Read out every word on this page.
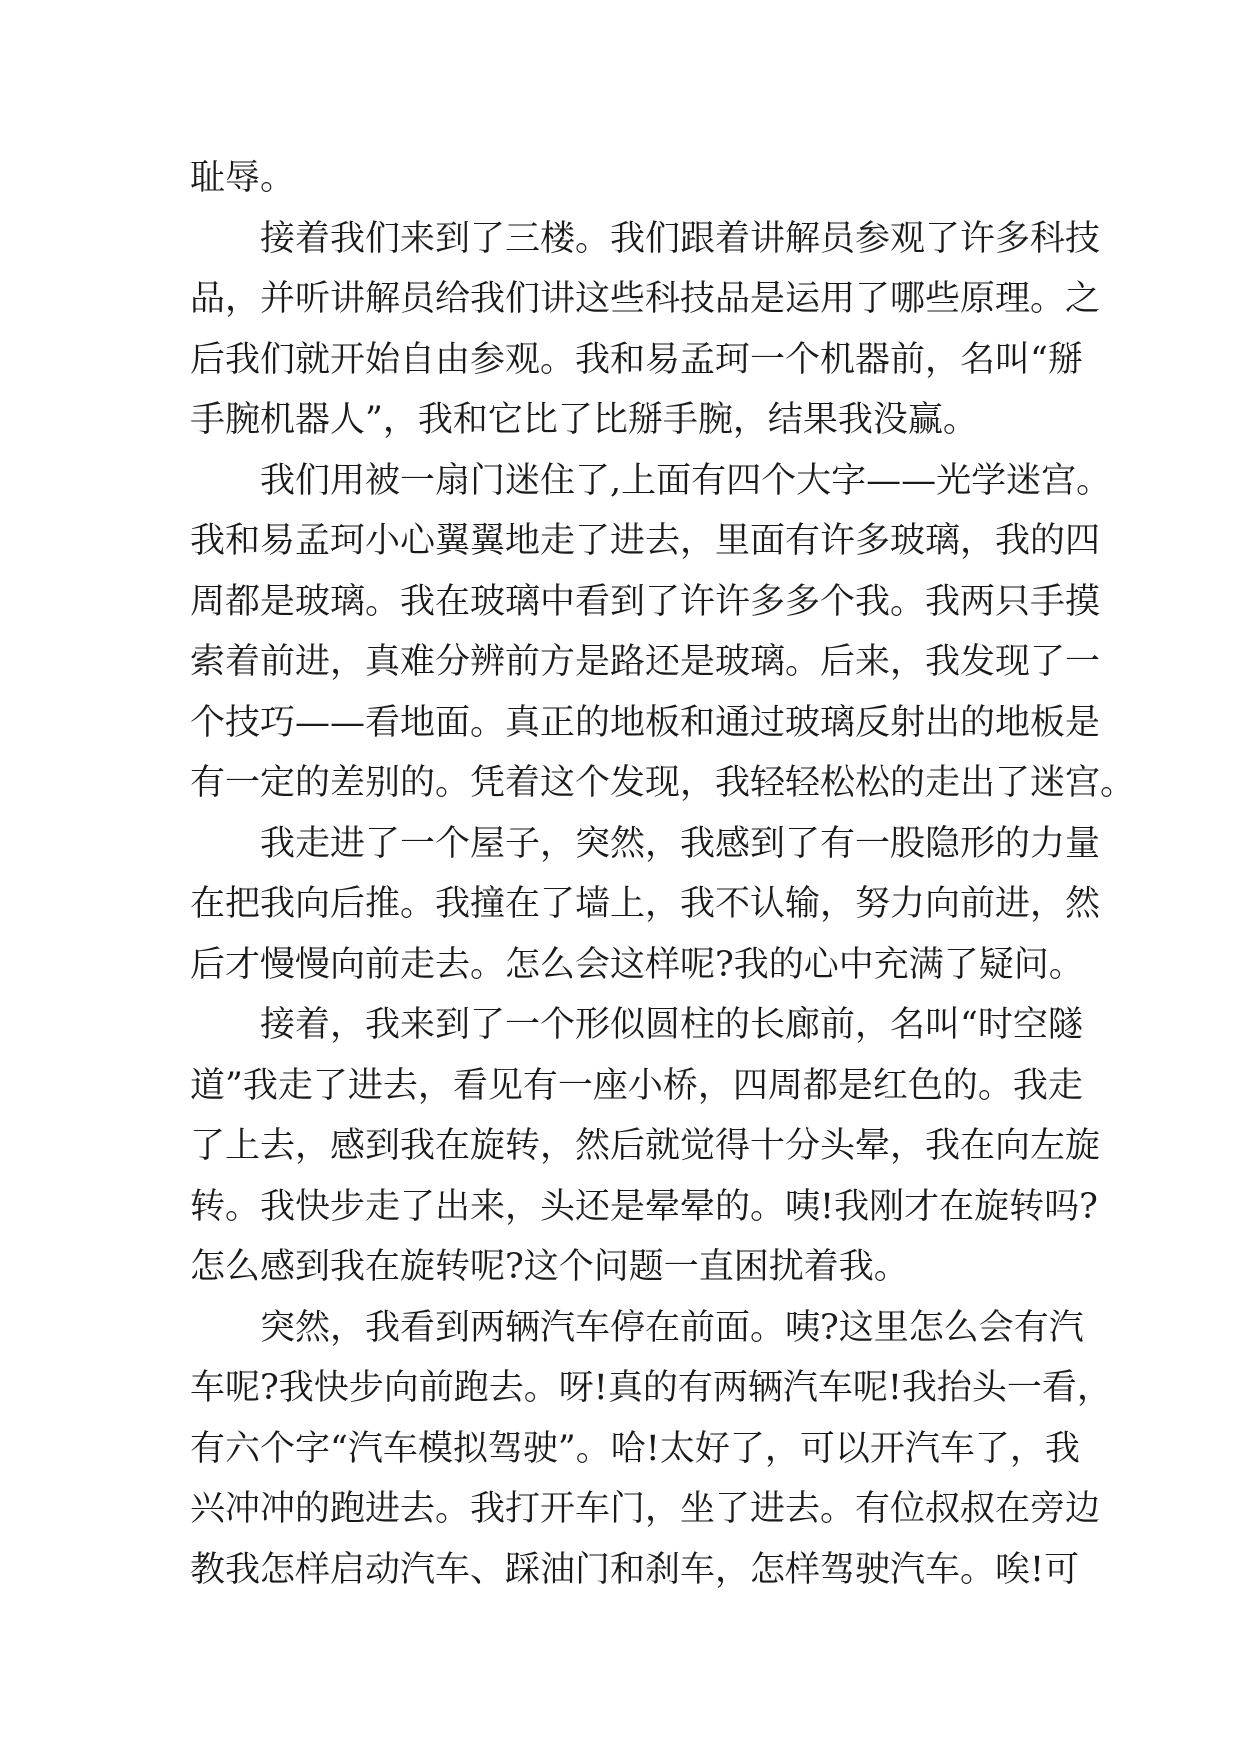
耻辱。
接着我们来到了三楼。我们跟着讲解员参观了许多科技
品，并听讲解员给我们讲这些科技品是运用了哪些原理。之
后我们就开始自由参观。我和易孟珂一个机器前，名叫“掰
手腕机器人”，我和它比了比掰手腕，结果我没赢。
我们用被一扇门迷住了,上面有四个大字——光学迷宫。
我和易孟珂小心翼翼地走了进去，里面有许多玻璃，我的四
周都是玻璃。我在玻璃中看到了许许多多个我。我两只手摸
索着前进，真难分辨前方是路还是玻璃。后来，我发现了一
个技巧——看地面。真正的地板和通过玻璃反射出的地板是
有一定的差别的。凭着这个发现，我轻轻松松的走出了迷宫。
我走进了一个屋子，突然，我感到了有一股隐形的力量
在把我向后推。我撞在了墙上，我不认输，努力向前进，然
后才慢慢向前走去。怎么会这样呢?我的心中充满了疑问。
接着，我来到了一个形似圆柱的长廊前，名叫“时空隧
道”我走了进去，看见有一座小桥，四周都是红色的。我走
了上去，感到我在旋转，然后就觉得十分头晕，我在向左旋
转。我快步走了出来，头还是晕晕的。咦!我刚才在旋转吗?
怎么感到我在旋转呢?这个问题一直困扰着我。
突然，我看到两辆汽车停在前面。咦?这里怎么会有汽
车呢?我快步向前跑去。呀!真的有两辆汽车呢!我抬头一看，
有六个字“汽车模拟驾驶”。哈!太好了，可以开汽车了，我
兴冲冲的跑进去。我打开车门，坐了进去。有位叔叔在旁边
教我怎样启动汽车、踩油门和刹车，怎样驾驶汽车。唉!可
